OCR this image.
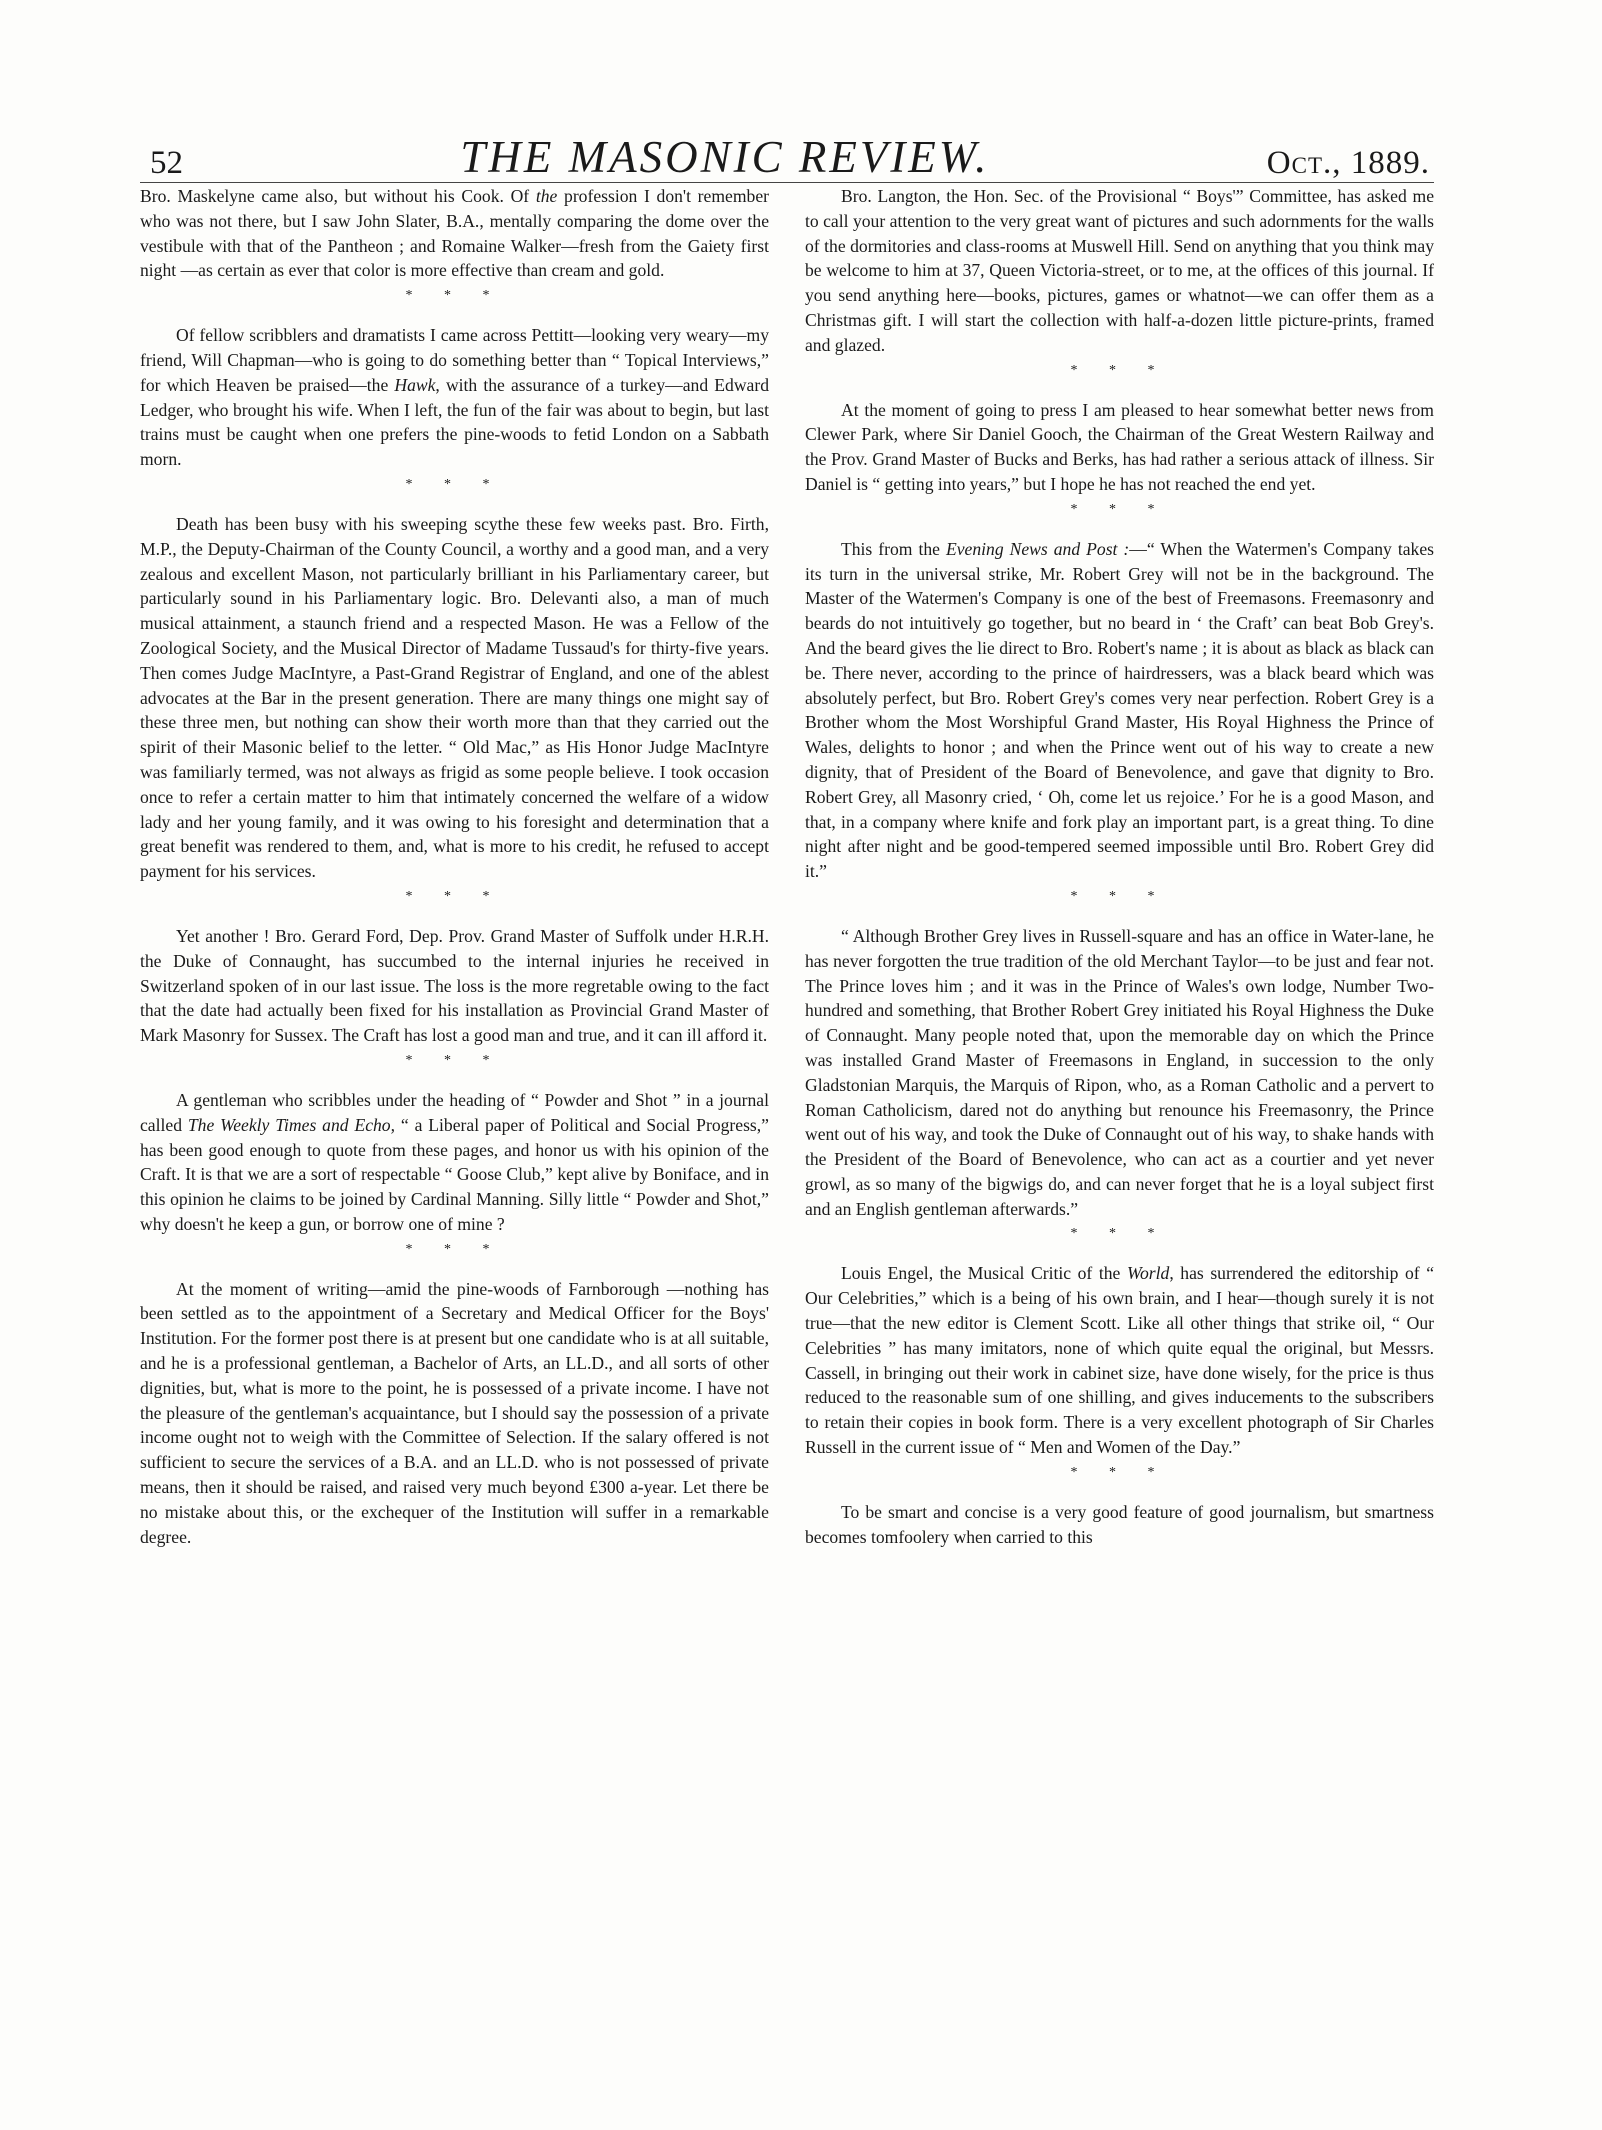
52	THE MASONIC REVIEW.	Oct., 1889.

Bro. Maskelyne came also, but without his Cook. Of the profession I don't remember who was not there, but I saw John Slater, B.A., mentally comparing the dome over the vestibule with that of the Pantheon ; and Romaine Walker—fresh from the Gaiety first night —as certain as ever that color is more effective than cream and gold.

* * *

Of fellow scribblers and dramatists I came across Pettitt—looking very weary—my friend, Will Chapman—who is going to do something better than “ Topical Interviews,” for which Heaven be praised—the Hawk, with the assurance of a turkey—and Edward Ledger, who brought his wife. When I left, the fun of the fair was about to begin, but last trains must be caught when one prefers the pine-woods to fetid London on a Sabbath morn.

* * *

Death has been busy with his sweeping scythe these few weeks past. Bro. Firth, M.P., the Deputy-Chairman of the County Council, a worthy and a good man, and a very zealous and excellent Mason, not particularly brilliant in his Parliamentary career, but particularly sound in his Parliamentary logic. Bro. Delevanti also, a man of much musical attainment, a staunch friend and a respected Mason. He was a Fellow of the Zoological Society, and the Musical Director of Madame Tussaud's for thirty-five years. Then comes Judge MacIntyre, a Past-Grand Registrar of England, and one of the ablest advocates at the Bar in the present generation. There are many things one might say of these three men, but nothing can show their worth more than that they carried out the spirit of their Masonic belief to the letter. “ Old Mac,” as His Honor Judge MacIntyre was familiarly termed, was not always as frigid as some people believe. I took occasion once to refer a certain matter to him that intimately concerned the welfare of a widow lady and her young family, and it was owing to his foresight and determination that a great benefit was rendered to them, and, what is more to his credit, he refused to accept payment for his services.

* * *

Yet another ! Bro. Gerard Ford, Dep. Prov. Grand Master of Suffolk under H.R.H. the Duke of Connaught, has succumbed to the internal injuries he received in Switzerland spoken of in our last issue. The loss is the more regretable owing to the fact that the date had actually been fixed for his installation as Provincial Grand Master of Mark Masonry for Sussex. The Craft has lost a good man and true, and it can ill afford it.

* * *

A gentleman who scribbles under the heading of “ Powder and Shot ” in a journal called The Weekly Times and Echo, “ a Liberal paper of Political and Social Progress,” has been good enough to quote from these pages, and honor us with his opinion of the Craft. It is that we are a sort of respectable “ Goose Club,” kept alive by Boniface, and in this opinion he claims to be joined by Cardinal Manning. Silly little “ Powder and Shot,” why doesn't he keep a gun, or borrow one of mine ?

* * *

At the moment of writing—amid the pine-woods of Farnborough —nothing has been settled as to the appointment of a Secretary and Medical Officer for the Boys' Institution. For the former post there is at present but one candidate who is at all suitable, and he is a professional gentleman, a Bachelor of Arts, an LL.D., and all sorts of other dignities, but, what is more to the point, he is possessed of a private income. I have not the pleasure of the gentleman's acquaintance, but I should say the possession of a private income ought not to weigh with the Committee of Selection. If the salary offered is not sufficient to secure the services of a B.A. and an LL.D. who is not possessed of private means, then it should be raised, and raised very much beyond £300 a-year. Let there be no mistake about this, or the exchequer of the Institution will suffer in a remarkable degree.

Bro. Langton, the Hon. Sec. of the Provisional “ Boys'” Committee, has asked me to call your attention to the very great want of pictures and such adornments for the walls of the dormitories and class-rooms at Muswell Hill. Send on anything that you think may be welcome to him at 37, Queen Victoria-street, or to me, at the offices of this journal. If you send anything here—books, pictures, games or whatnot—we can offer them as a Christmas gift. I will start the collection with half-a-dozen little picture-prints, framed and glazed.

* * *

At the moment of going to press I am pleased to hear somewhat better news from Clewer Park, where Sir Daniel Gooch, the Chairman of the Great Western Railway and the Prov. Grand Master of Bucks and Berks, has had rather a serious attack of illness. Sir Daniel is “ getting into years,” but I hope he has not reached the end yet.

* * *

This from the Evening News and Post :—“ When the Watermen's Company takes its turn in the universal strike, Mr. Robert Grey will not be in the background. The Master of the Watermen's Company is one of the best of Freemasons. Freemasonry and beards do not intuitively go together, but no beard in ‘ the Craft’ can beat Bob Grey's. And the beard gives the lie direct to Bro. Robert's name ; it is about as black as black can be. There never, according to the prince of hairdressers, was a black beard which was absolutely perfect, but Bro. Robert Grey's comes very near perfection. Robert Grey is a Brother whom the Most Worshipful Grand Master, His Royal Highness the Prince of Wales, delights to honor ; and when the Prince went out of his way to create a new dignity, that of President of the Board of Benevolence, and gave that dignity to Bro. Robert Grey, all Masonry cried, ‘ Oh, come let us rejoice.’ For he is a good Mason, and that, in a company where knife and fork play an important part, is a great thing. To dine night after night and be good-tempered seemed impossible until Bro. Robert Grey did it.”

* * *

“ Although Brother Grey lives in Russell-square and has an office in Water-lane, he has never forgotten the true tradition of the old Merchant Taylor—to be just and fear not. The Prince loves him ; and it was in the Prince of Wales's own lodge, Number Two-hundred and something, that Brother Robert Grey initiated his Royal Highness the Duke of Connaught. Many people noted that, upon the memorable day on which the Prince was installed Grand Master of Freemasons in England, in succession to the only Gladstonian Marquis, the Marquis of Ripon, who, as a Roman Catholic and a pervert to Roman Catholicism, dared not do anything but renounce his Freemasonry, the Prince went out of his way, and took the Duke of Connaught out of his way, to shake hands with the President of the Board of Benevolence, who can act as a courtier and yet never growl, as so many of the bigwigs do, and can never forget that he is a loyal subject first and an English gentleman afterwards.”

* * *

Louis Engel, the Musical Critic of the World, has surrendered the editorship of “ Our Celebrities,” which is a being of his own brain, and I hear—though surely it is not true—that the new editor is Clement Scott. Like all other things that strike oil, “ Our Celebrities ” has many imitators, none of which quite equal the original, but Messrs. Cassell, in bringing out their work in cabinet size, have done wisely, for the price is thus reduced to the reasonable sum of one shilling, and gives inducements to the subscribers to retain their copies in book form. There is a very excellent photograph of Sir Charles Russell in the current issue of “ Men and Women of the Day.”

* * *

To be smart and concise is a very good feature of good journalism, but smartness becomes tomfoolery when carried to this
